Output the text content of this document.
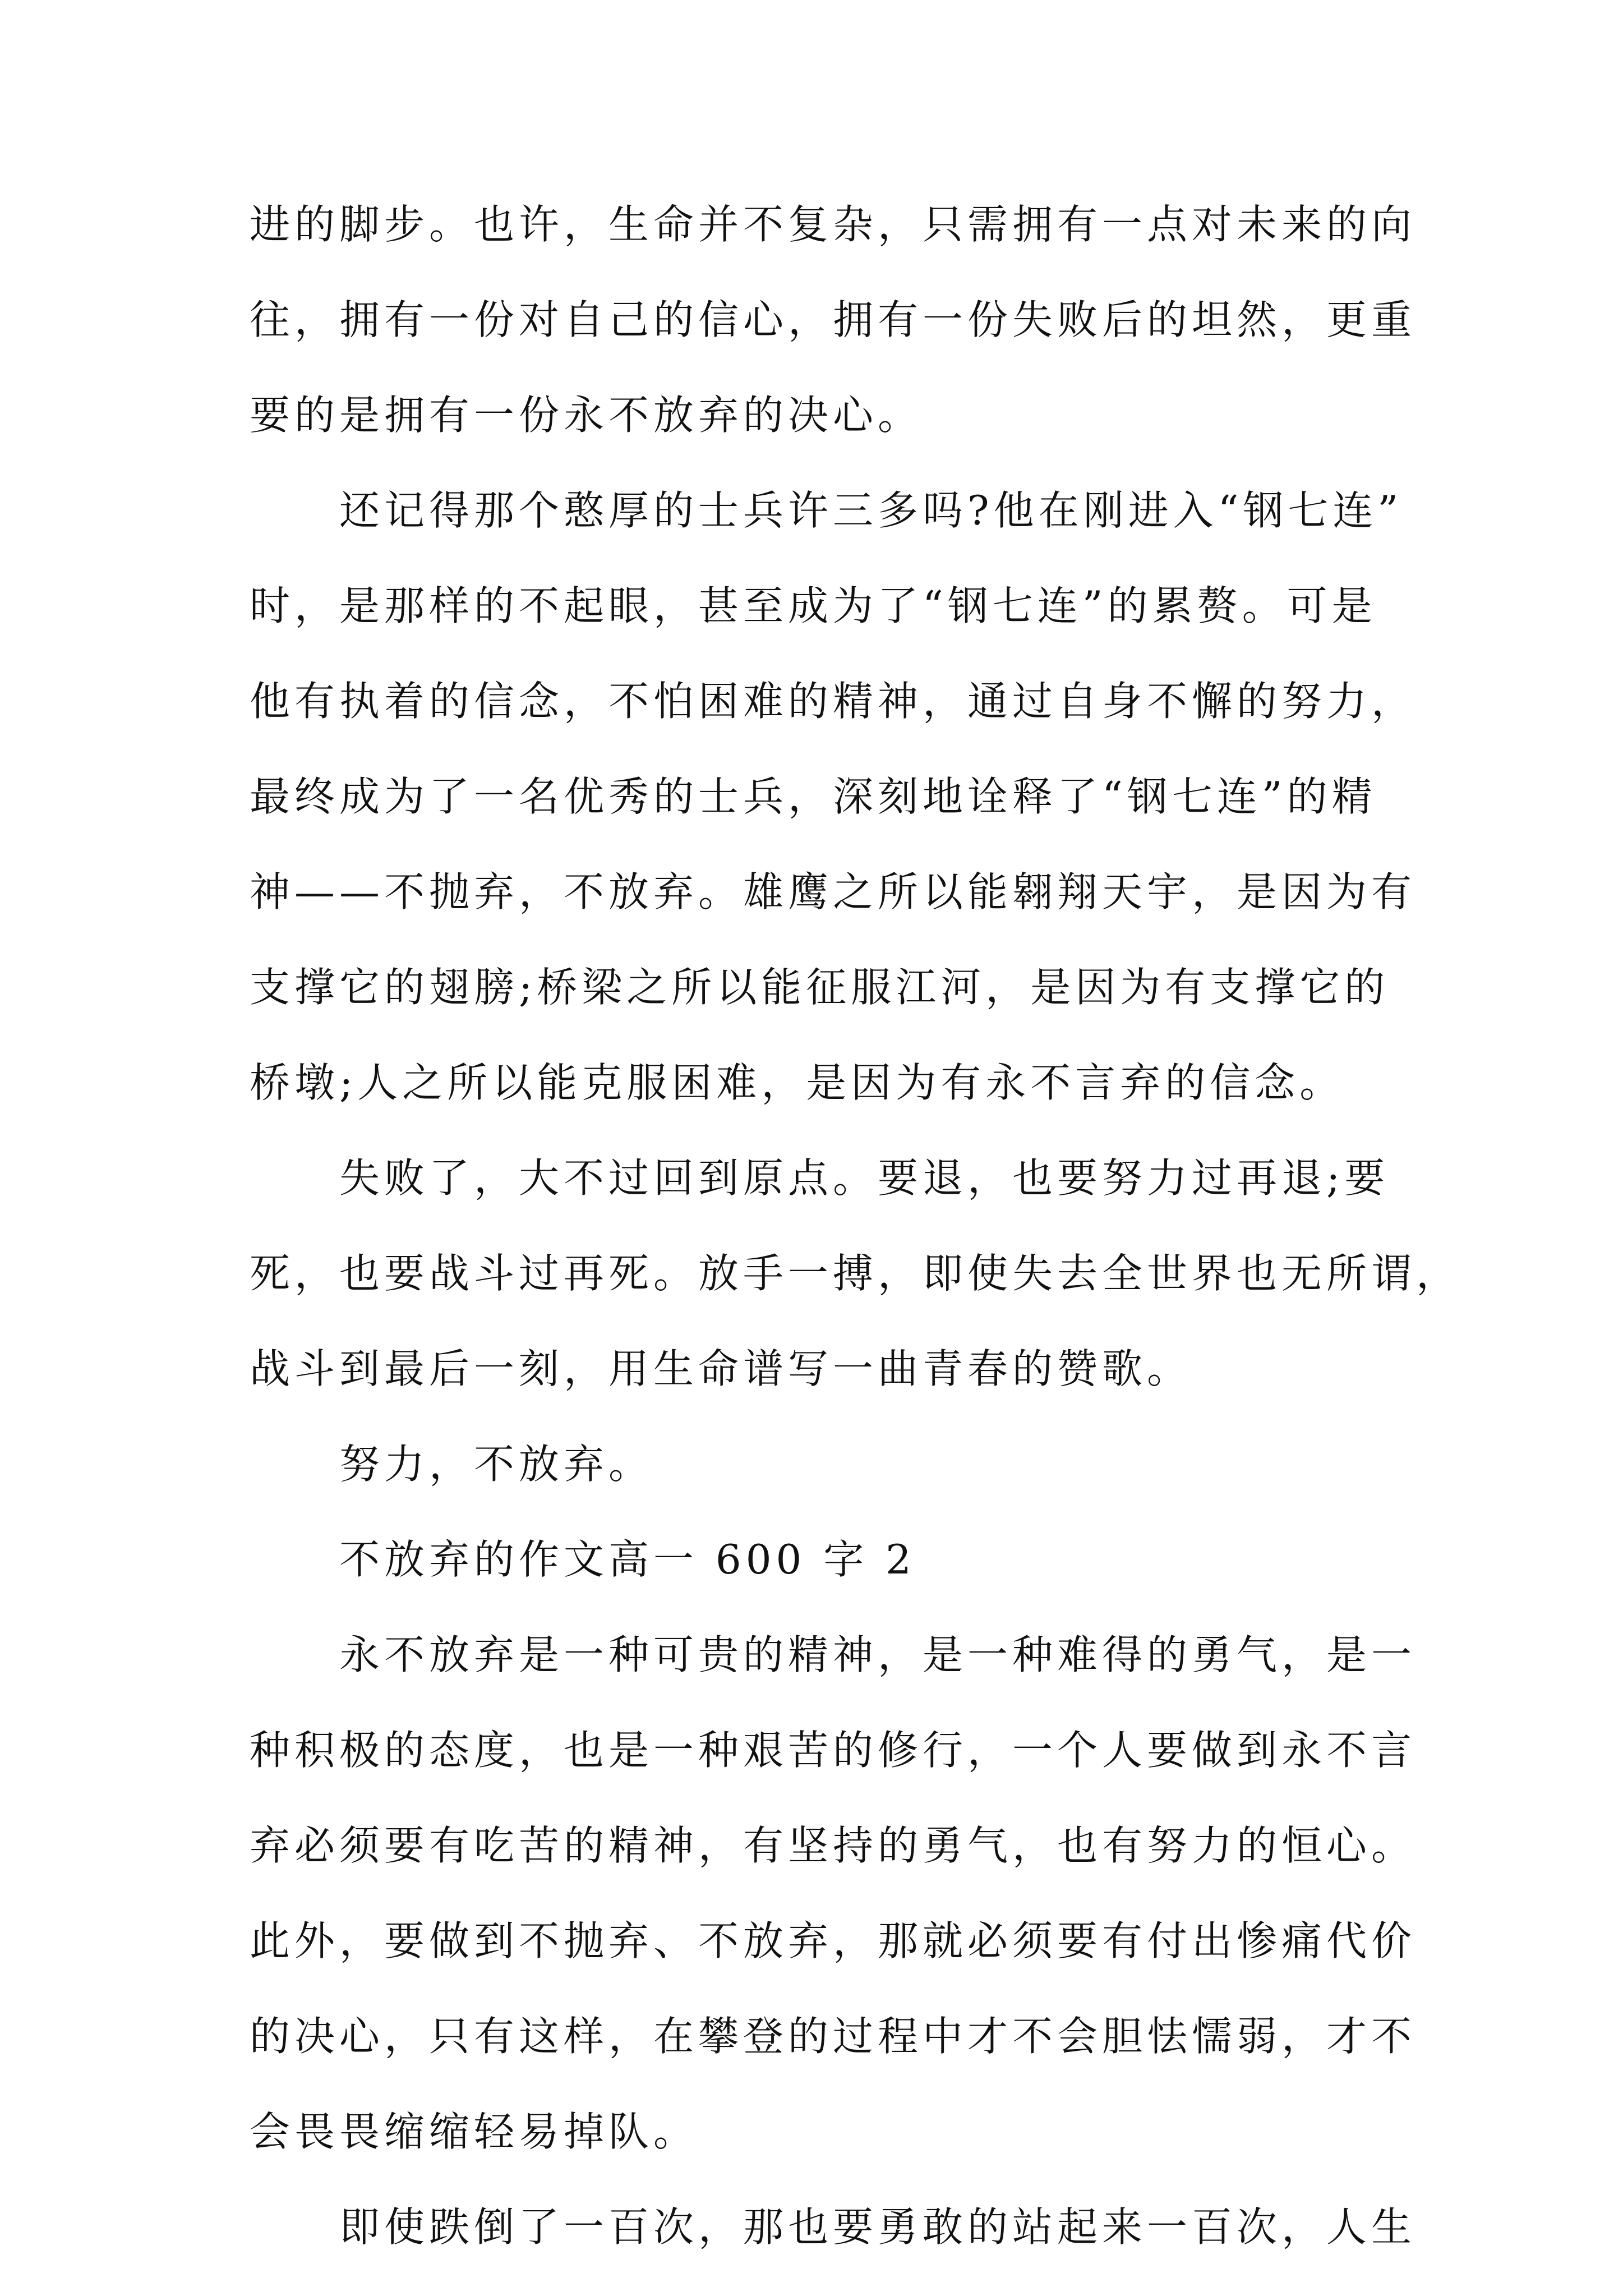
进的脚步。也许，生命并不复杂，只需拥有一点对未来的向
往，拥有一份对自己的信心，拥有一份失败后的坦然，更重
要的是拥有一份永不放弃的决心。
还记得那个憨厚的士兵许三多吗?他在刚进入“钢七连”
时，是那样的不起眼，甚至成为了“钢七连”的累赘。可是
他有执着的信念，不怕困难的精神，通过自身不懈的努力，
最终成为了一名优秀的士兵，深刻地诠释了“钢七连”的精
神——不抛弃，不放弃。雄鹰之所以能翱翔天宇，是因为有
支撑它的翅膀;桥梁之所以能征服江河，是因为有支撑它的
桥墩;人之所以能克服困难，是因为有永不言弃的信念。
失败了，大不过回到原点。要退，也要努力过再退;要
死，也要战斗过再死。放手一搏，即使失去全世界也无所谓，
战斗到最后一刻，用生命谱写一曲青春的赞歌。
努力，不放弃。
不放弃的作文高一 600 字 2
永不放弃是一种可贵的精神，是一种难得的勇气，是一
种积极的态度，也是一种艰苦的修行，一个人要做到永不言
弃必须要有吃苦的精神，有坚持的勇气，也有努力的恒心。
此外，要做到不抛弃、不放弃，那就必须要有付出惨痛代价
的决心，只有这样，在攀登的过程中才不会胆怯懦弱，才不
会畏畏缩缩轻易掉队。
即使跌倒了一百次，那也要勇敢的站起来一百次，人生
